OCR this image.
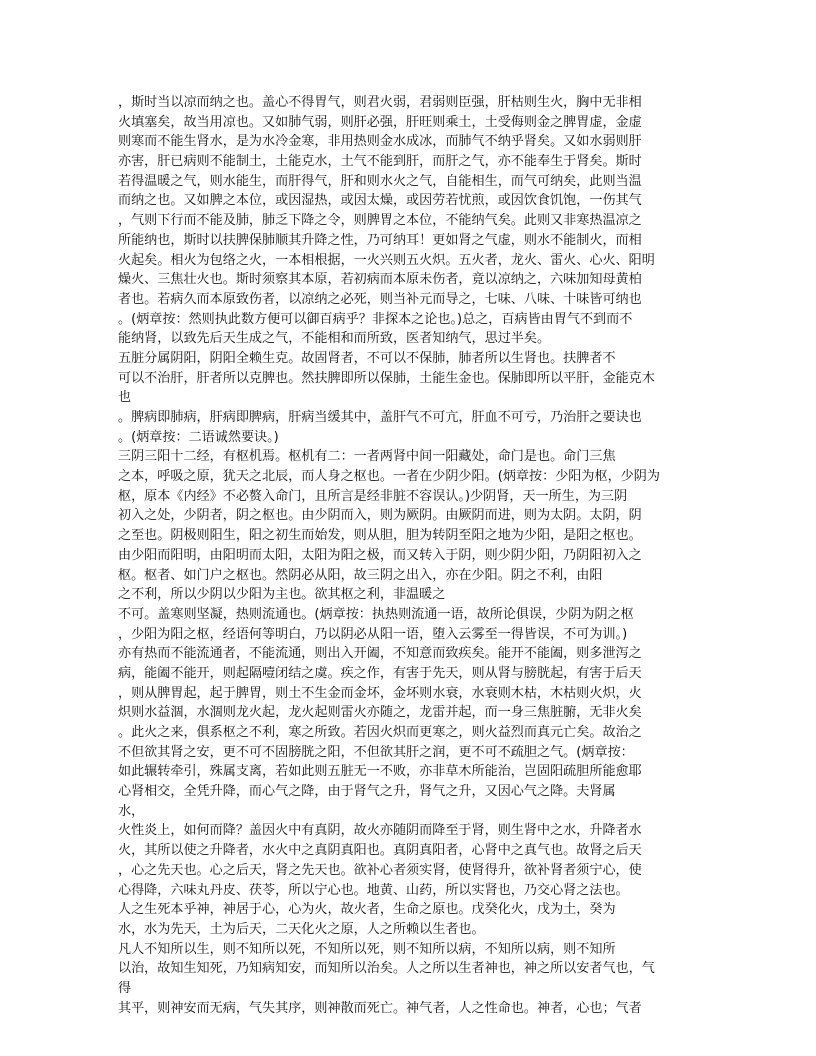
，斯时当以凉而纳之也。盖心不得胃气，则君火弱，君弱则臣强，肝枯则生火，胸中无非相
火填塞矣，故当用凉也。又如肺气弱，则肝必强，肝旺则乘土，土受侮则金之脾胃虚，金虚
则寒而不能生肾水，是为水冷金寒，非用热则金水成冰，而肺气不纳乎肾矣。又如水弱则肝
亦害，肝已病则不能制土，土能克水，土气不能到肝，而肝之气，亦不能奉生于肾矣。斯时
若得温暖之气，则水能生，而肝得气，肝和则水火之气，自能相生，而气可纳矣，此则当温
而纳之也。又如脾之本位，或因湿热，或因太燥，或因劳若忧煎，或因饮食饥饱，一伤其气
，气则下行而不能及肺，肺乏下降之令，则脾胃之本位，不能纳气矣。此则又非寒热温凉之
所能纳也，斯时以扶脾保肺顺其升降之性，乃可纳耳！更如肾之气虚，则水不能制火，而相
火起矣。相火为包络之火，一本相根据，一火兴则五火炽。五火者，龙火、雷火、心火、阳明
燥火、三焦壮火也。斯时须察其本原，若初病而本原未伤者，竟以凉纳之，六味加知母黄柏
者也。若病久而本原致伤者，以凉纳之必死，则当补元而导之，七味、八味、十味皆可纳也
。(炳章按：然则执此数方便可以御百病乎？非探本之论也。)总之，百病皆由胃气不到而不
能纳肾，以致先后天生成之气，不能相和而所致，医者知纳气，思过半矣。
五脏分属阴阳，阴阳全赖生克。故固肾者，不可以不保肺，肺者所以生肾也。扶脾者不
可以不治肝，肝者所以克脾也。然扶脾即所以保肺，土能生金也。保肺即所以平肝，金能克木
也
。脾病即肺病，肝病即脾病，肝病当缓其中，盖肝气不可亢，肝血不可亏，乃治肝之要诀也
。(炳章按：二语诚然要诀。)
三阴三阳十二经，有枢机焉。枢机有二：一者两肾中间一阳藏处，命门是也。命门三焦
之本，呼吸之原，犹天之北辰，而人身之枢也。一者在少阴少阳。(炳章按：少阳为枢，少阴为
枢，原本《内经》不必赘入命门，且所言是经非脏不容误认。)少阴肾，天一所生，为三阴
初入之处，少阴者，阴之枢也。由少阴而入，则为厥阴。由厥阴而进，则为太阴。太阴，阴
之至也。阴极则阳生，阳之初生而始发，则从胆，胆为转阴至阳之地为少阳，是阳之枢也。
由少阳而阳明，由阳明而太阳，太阳为阳之极，而又转入于阴，则少阴少阳，乃阴阳初入之
枢。枢者、如门户之枢也。然阴必从阳，故三阴之出入，亦在少阳。阴之不利，由阳
之不利，所以少阴以少阳为主也。欲其枢之利，非温暖之
不可。盖寒则坚凝，热则流通也。(炳章按：执热则流通一语，故所论俱误，少阴为阴之枢
，少阳为阳之枢，经语何等明白，乃以阴必从阳一语，堕入云雾至一得皆误，不可为训。)
亦有热而不能流通者，不能流通，则出入开阖，不知意而致疾矣。能开不能阖，则多泄泻之
病，能阖不能开，则起隔噎闭结之虞。疾之作，有害于先天，则从肾与膀胱起，有害于后天
，则从脾胃起，起于脾胃，则土不生金而金坏，金坏则水衰，水衰则木枯，木枯则火炽，火
炽则水益涸，水涸则龙火起，龙火起则雷火亦随之，龙雷并起，而一身三焦脏腑，无非火矣
。此火之来，俱系枢之不利，寒之所致。若因火炽而更寒之，则火益烈而真元亡矣。故治之
不但欲其肾之安，更不可不固膀胱之阳，不但欲其肝之润，更不可不疏胆之气。(炳章按：
如此辗转牵引，殊属支离，若如此则五脏无一不败，亦非草木所能治，岂固阳疏胆所能愈耶
心肾相交，全凭升降，而心气之降，由于肾气之升，肾气之升，又因心气之降。夫肾属
水，
火性炎上，如何而降？盖因火中有真阴，故火亦随阴而降至于肾，则生肾中之水，升降者水
火，其所以使之升降者，水火中之真阴真阳也。真阴真阳者，心肾中之真气也。故肾之后天
，心之先天也。心之后天，肾之先天也。欲补心者须实肾，使肾得升，欲补肾者须宁心，使
心得降，六味丸丹皮、茯苓，所以宁心也。地黄、山药，所以实肾也，乃交心肾之法也。
人之生死本乎神，神居于心，心为火，故火者，生命之原也。戊癸化火，戊为土，癸为
水，水为先天，土为后天，二天化火之原，人之所赖以生者也。
凡人不知所以生，则不知所以死，不知所以死，则不知所以病，不知所以病，则不知所
以治，故知生知死，乃知病知安，而知所以治矣。人之所以生者神也，神之所以安者气也，气
得
其平，则神安而无病，气失其序，则神散而死亡。神气者，人之性命也。神者，心也；气者
